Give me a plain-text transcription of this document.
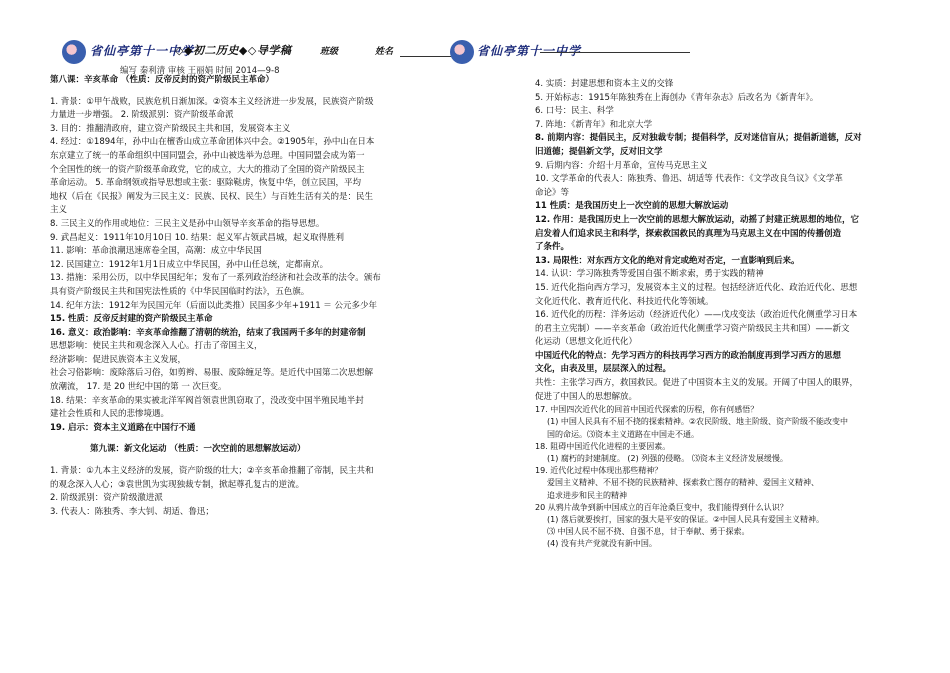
省仙亭第十一中学
◇◆初二历史◆◇导学稿	班级	姓名
编写 秦利清 审核 王丽娟 时间 2014—9-8

第八课：辛亥革命 （性质：反帝反封的资产阶级民主革命）

1. 背景：①甲午战败，民族危机日渐加深。②资本主义经济进一步发展，民族资产阶级

力量进一步增强。 2. 阶级派别：资产阶级革命派

3. 目的：推翻清政府，建立资产阶级民主共和国，发展资本主义

4. 经过：①1894年，孙中山在檀香山成立革命团体兴中会。②1905年，孙中山在日本

东京建立了统一的革命组织中国同盟会，孙中山被选举为总理。中国同盟会成为第一

个全国性的统一的资产阶级革命政党，它的成立，大大的推动了全国的资产阶级民主

革命运动。 5. 革命纲领或指导思想或主张：驱除鞑虏，恢复中华，创立民国，平均

地权（后在《民报》阐发为三民主义：民族、民权、民生）与百姓生活有关的是：民生

主义

8. 三民主义的作用或地位：三民主义是孙中山领导辛亥革命的指导思想。

9. 武昌起义：1911年10月10日 10. 结果：起义军占领武昌城，起义取得胜利

11. 影响：革命浪潮迅速席卷全国，高潮：成立中华民国

12. 民国建立：1912年1月1日成立中华民国，孙中山任总统，定都南京。

13. 措施：采用公历，以中华民国纪年；发布了一系列政治经济和社会改革的法令。颁布

具有资产阶级民主共和国宪法性质的《中华民国临时约法》，五色旗。

14. 纪年方法：1912年为民国元年（后面以此类推）民国多少年+1911 ＝ 公元多少年

15. 性质：反帝反封建的资产阶级民主革命

16. 意义：政治影响：辛亥革命推翻了清朝的统治，结束了我国两千多年的封建帝制

思想影响：使民主共和观念深入人心。打击了帝国主义，

经济影响：促进民族资本主义发展，

社会习俗影响：废除落后习俗，如剪辫、易服、废除缠足等。是近代中国第二次思想解

放潮流， 17. 是 20 世纪中国的第 一 次巨变。

18. 结果：辛亥革命的果实被北洋军阀首领袁世凯窃取了，没改变中国半殖民地半封

建社会性质和人民的悲惨境遇。

19. 启示：资本主义道路在中国行不通

第九课：新文化运动 （性质：一次空前的思想解放运动）

1. 背景：①九本主义经济的发展，资产阶级的壮大；②辛亥革命推翻了帝制，民主共和

的观念深入人心；③袁世凯为实现独裁专制，掀起尊孔复古的逆流。

2. 阶级派别：资产阶级激进派

3. 代表人：陈独秀、李大钊、胡适、鲁迅；

省仙亭第十一中学

4. 实质：封建思想和资本主义的交锋

5. 开始标志：1915年陈独秀在上海创办《青年杂志》后改名为《新青年》。

6. 口号：民主、科学

7. 阵地：《新青年》和北京大学

8. 前期内容：提倡民主，反对独裁专制；提倡科学，反对迷信盲从；提倡新道德，反对

旧道德；提倡新文学，反对旧文学

9. 后期内容：介绍十月革命，宣传马克思主义

10. 文学革命的代表人：陈独秀、鲁迅、胡适等 代表作：《文学改良刍议》《文学革

命论》等

11 性质：是我国历史上一次空前的思想大解放运动

12. 作用：是我国历史上一次空前的思想大解放运动，动摇了封建正统思想的地位，它

启发着人们追求民主和科学，探索救国救民的真理为马克思主义在中国的传播创造

了条件。

13. 局限性：对东西方文化的绝对肯定或绝对否定，一直影响到后来。

14. 认识：学习陈独秀等爱国自强不断求索，勇于实践的精神

15. 近代化指向西方学习，发展资本主义的过程。包括经济近代化、政治近代化、思想

文化近代化、教育近代化、科技近代化等领域。

16. 近代化的历程：洋务运动（经济近代化）——戊戌变法（政治近代化侧重学习日本

的君主立宪制）——辛亥革命（政治近代化侧重学习资产阶级民主共和国）——新文

化运动（思想文化近代化）

中国近代化的特点：先学习西方的科技再学习西方的政治制度再到学习西方的思想

文化，由表及里，层层深入的过程。

共性：主张学习西方，救国救民。促进了中国资本主义的发展。开阔了中国人的眼界，

促进了中国人的思想解放。

17. 中国四次近代化的回首中国近代探索的历程，你有何感悟？

(1) 中国人民具有不屈不挠的探索精神。②农民阶级、地主阶级、资产阶级不能改变中

国的命运。⑶资本主义道路在中国走不通。

18. 阻碍中国近代化进程的主要因素。

(1) 腐朽的封建制度。 (2) 列强的侵略。 ⑶资本主义经济发展缓慢。

19. 近代化过程中体现出那些精神？

爱国主义精神、不屈不挠的民族精神、探索救亡图存的精神、爱国主义精神、

追求进步和民主的精神

20 从鸦片战争到新中国成立的百年沧桑巨变中，我们能得到什么认识？

(1) 落后就要挨打，国家的强大是平安的保证。②中国人民具有爱国主义精神。

⑶ 中国人民不屈不挠、自强不息，甘于奉献、勇于探索。

(4) 没有共产党就没有新中国。
